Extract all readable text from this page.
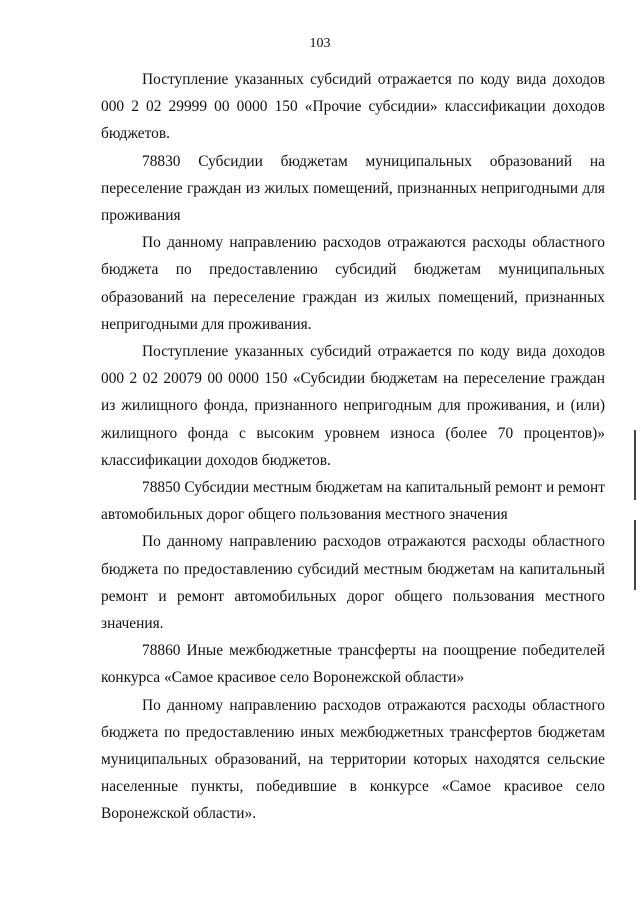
103

Поступление указанных субсидий отражается по коду вида доходов 000 2 02 29999 00 0000 150 «Прочие субсидии» классификации доходов бюджетов.

78830 Субсидии бюджетам муниципальных образований на переселение граждан из жилых помещений, признанных непригодными для проживания

По данному направлению расходов отражаются расходы областного бюджета по предоставлению субсидий бюджетам муниципальных образований на переселение граждан из жилых помещений, признанных непригодными для проживания.

Поступление указанных субсидий отражается по коду вида доходов 000 2 02 20079 00 0000 150 «Субсидии бюджетам на переселение граждан из жилищного фонда, признанного непригодным для проживания, и (или) жилищного фонда с высоким уровнем износа (более 70 процентов)» классификации доходов бюджетов.

78850 Субсидии местным бюджетам на капитальный ремонт и ремонт автомобильных дорог общего пользования местного значения

По данному направлению расходов отражаются расходы областного бюджета по предоставлению субсидий местным бюджетам на капитальный ремонт и ремонт автомобильных дорог общего пользования местного значения.

78860 Иные межбюджетные трансферты на поощрение победителей конкурса «Самое красивое село Воронежской области»

По данному направлению расходов отражаются расходы областного бюджета по предоставлению иных межбюджетных трансфертов бюджетам муниципальных образований, на территории которых находятся сельские населенные пункты, победившие в конкурсе «Самое красивое село Воронежской области».
